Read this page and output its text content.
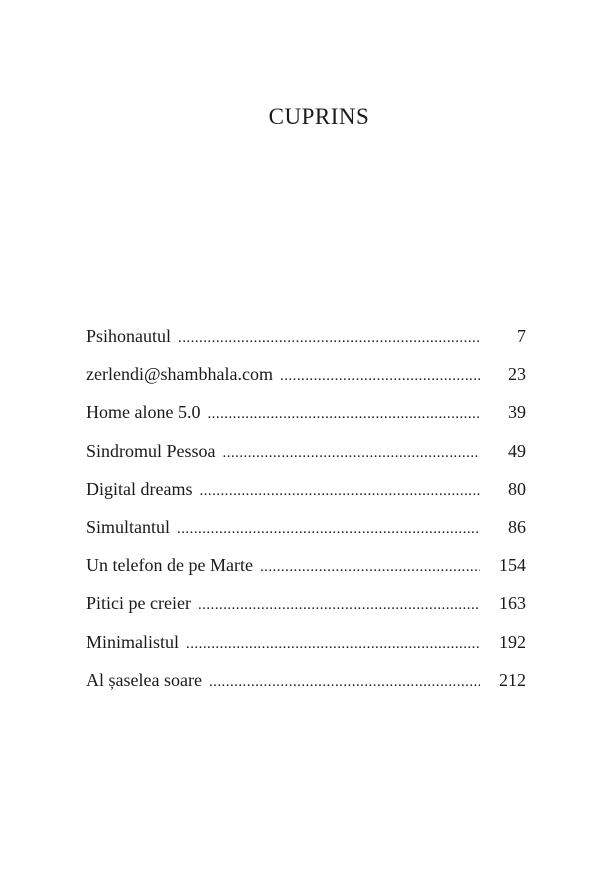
CUPRINS
Psihonautul .....	7
zerlendi@shambhala.com .....	23
Home alone 5.0 .....	39
Sindromul Pessoa .....	49
Digital dreams .....	80
Simultantul .....	86
Un telefon de pe Marte .....	154
Pitici pe creier .....	163
Minimalistul .....	192
Al șaselea soare .....	212
